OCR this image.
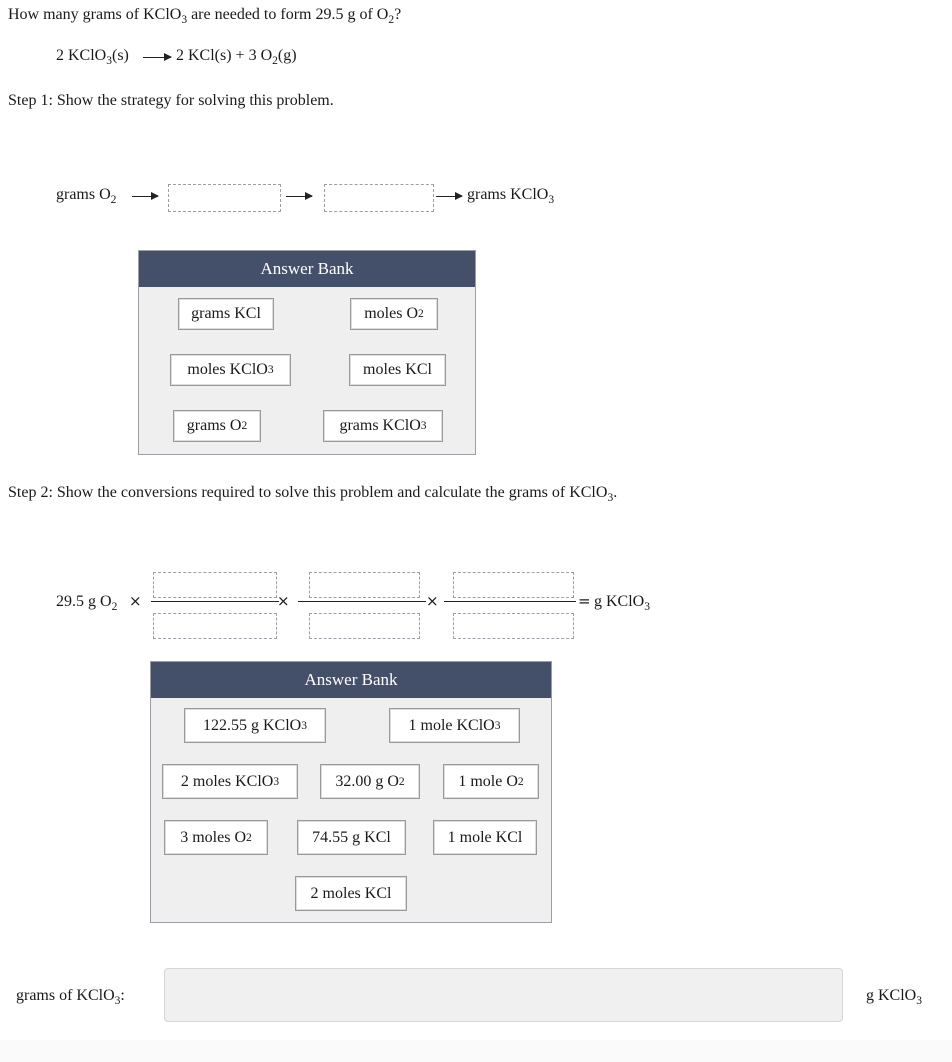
How many grams of KClO$_3$ are needed to form 29.5 g of $O_2$?
2 KClO$_3$(s) → 2 KCl(s) + 3 $O_2(g)$
Step 1: Show the strategy for solving this problem.
grams $O_2$	grams KClO$_3$
Answer Bank
grams KCl	moles O 2
moles KClO 3	moles KCl
grams O 2	grams KClO 3
Step 2: Show the conversions required to solve this problem and calculate the grams of KClO$_3$.
29.5 g $O_2$ ×	×	×	= g KClO$_3$
Answer Bank
122.55 g KClO 3	1 mole KClO 3
2 moles KClO 3	32.00 g O 2	1 mole O 2
3 moles O 2	74.55 g KCl	1 mole KCl
2 moles KCl
grams of KClO$_3$:	g KClO$_3$
